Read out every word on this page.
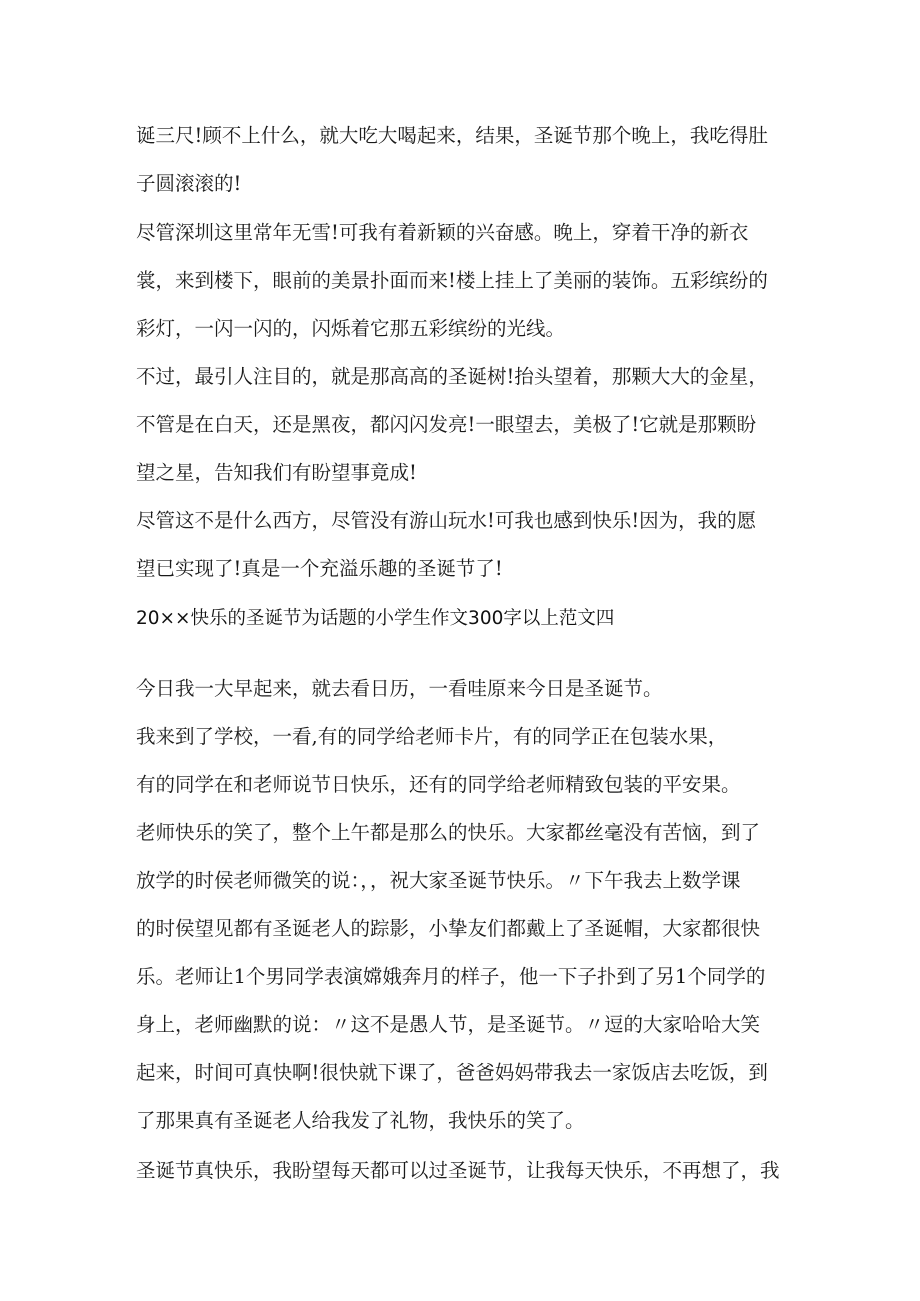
诞三尺!顾不上什么，就大吃大喝起来，结果，圣诞节那个晚上，我吃得肚

子圆滚滚的!

尽管深圳这里常年无雪!可我有着新颖的兴奋感。晚上，穿着干净的新衣

裳，来到楼下，眼前的美景扑面而来!楼上挂上了美丽的装饰。五彩缤纷的

彩灯，一闪一闪的，闪烁着它那五彩缤纷的光线。

不过，最引人注目的，就是那高高的圣诞树!抬头望着，那颗大大的金星，

不管是在白天，还是黑夜，都闪闪发亮!一眼望去，美极了!它就是那颗盼

望之星，告知我们有盼望事竟成!

尽管这不是什么西方，尽管没有游山玩水!可我也感到快乐!因为，我的愿

望已实现了!真是一个充溢乐趣的圣诞节了!

20××快乐的圣诞节为话题的小学生作文300字以上范文四

今日我一大早起来，就去看日历，一看哇原来今日是圣诞节。

我来到了学校，一看,有的同学给老师卡片，有的同学正在包装水果，

有的同学在和老师说节日快乐，还有的同学给老师精致包装的平安果。

老师快乐的笑了，整个上午都是那么的快乐。大家都丝毫没有苦恼，到了

放学的时侯老师微笑的说：，，祝大家圣诞节快乐。〃下午我去上数学课

的时侯望见都有圣诞老人的踪影，小挚友们都戴上了圣诞帽，大家都很快

乐。老师让1个男同学表演嫦娥奔月的样子，他一下子扑到了另1个同学的

身上，老师幽默的说：〃这不是愚人节，是圣诞节。〃逗的大家哈哈大笑

起来，时间可真快啊!很快就下课了，爸爸妈妈带我去一家饭店去吃饭，到

了那果真有圣诞老人给我发了礼物，我快乐的笑了。

圣诞节真快乐，我盼望每天都可以过圣诞节，让我每天快乐，不再想了，我
